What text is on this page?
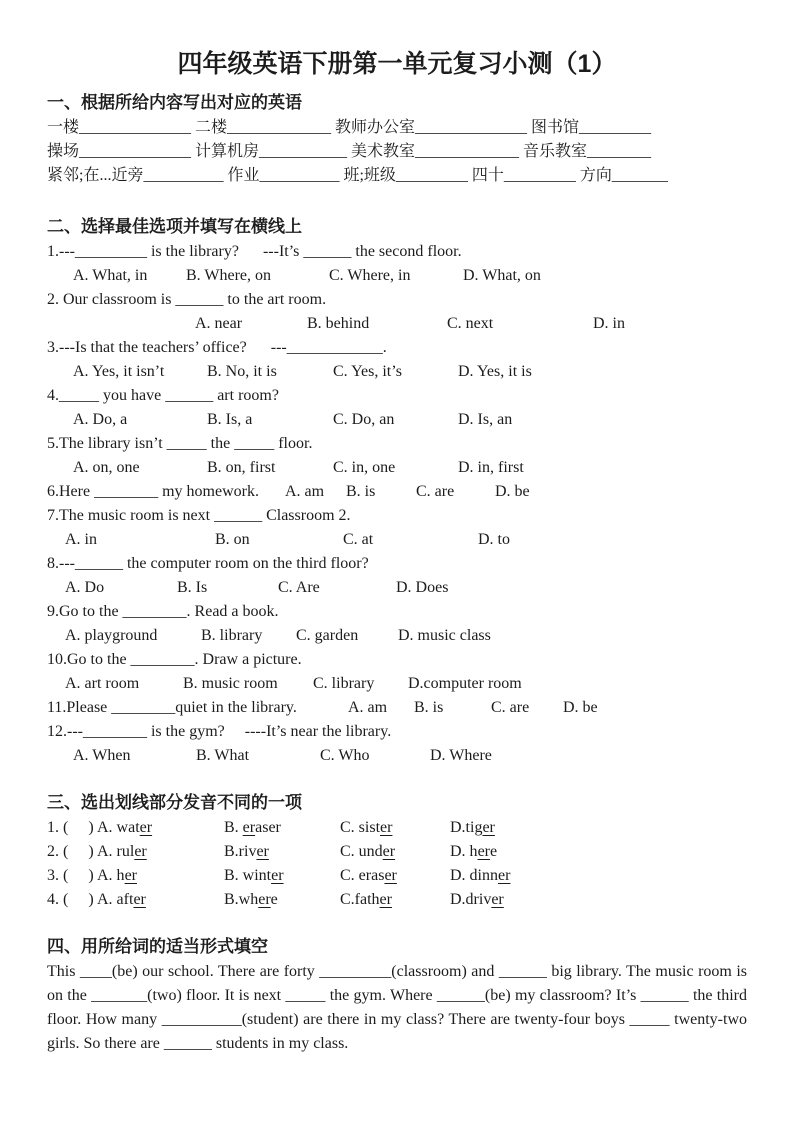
四年级英语下册第一单元复习小测（1）
一、根据所给内容写出对应的英语
一楼______________ 二楼_____________ 教师办公室______________ 图书馆_________
操场______________ 计算机房___________ 美术教室_____________ 音乐教室________
紧邻;在...近旁__________ 作业__________ 班;班级_________ 四十_________ 方向_______
二、选择最佳选项并填写在横线上
1.---_________ is the library?      ---It’s ______ the second floor.
A. What, in	B. Where, on	C. Where, in	D. What, on
2. Our classroom is ______ to the art room.
A. near	B. behind	C. next	D. in
3.---Is that the teachers’ office?      ---____________.
A. Yes, it isn’t	B. No, it is	C. Yes, it’s	D. Yes, it is
4._____ you have ______ art room?
A. Do, a	B. Is, a	C. Do, an	D. Is, an
5.The library isn’t _____ the _____ floor.
A. on, one	B. on, first	C. in, one	D. in, first
6.Here ________ my homework.	A. am	B. is	C. are	D. be
7.The music room is next ______ Classroom 2.
A. in	B. on	C. at	D. to
8.---______ the computer room on the third floor?
A. Do	B. Is	C. Are	D. Does
9.Go to the ________. Read a book.
A. playground	B. library	C. garden	D. music class
10.Go to the ________. Draw a picture.
A. art room	B. music room	C. library	D.computer room
11.Please ________quiet in the library.	A. am	B. is	C. are	D. be
12.---________ is the gym?     ----It’s near the library.
A. When	B. What	C. Who	D. Where
三、选出划线部分发音不同的一项
1. (     ) A. water	B. eraser	C. sister	D.tiger
2. (     ) A. ruler	B.river	C. under	D. here
3. (     ) A. her	B. winter	C. eraser	D. dinner
4. (     ) A. after	B.where	C.father	D.driver
四、用所给词的适当形式填空
This ____(be) our school. There are forty _________(classroom) and ______ big library. The music room is on the _______(two) floor. It is next _____ the gym. Where ______(be) my classroom? It’s ______ the third floor. How many __________(student) are there in my class? There are twenty-four boys _____ twenty-two girls. So there are ______ students in my class.
